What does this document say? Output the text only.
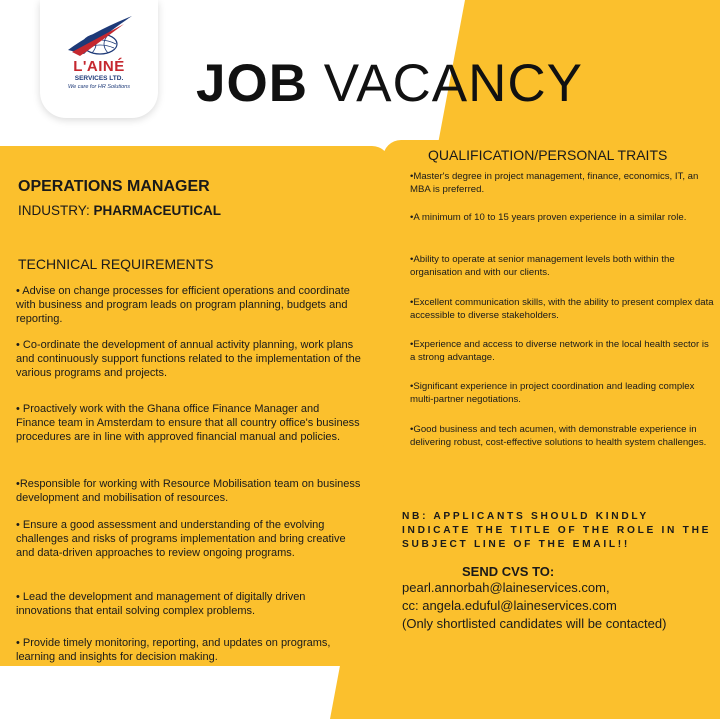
L'AINÉ
SERVICES LTD.
We care for HR Solutions	JOB VACANCY
OPERATIONS MANAGER
INDUSTRY: PHARMACEUTICAL
TECHNICAL REQUIREMENTS
• Advise on change processes for efficient operations and coordinate with business and program leads on program planning, budgets and reporting.
• Co-ordinate the development of annual activity planning, work plans and continuously support functions related to the implementation of the various programs and projects.
• Proactively work with the Ghana office Finance Manager and Finance team in Amsterdam to ensure that all country office's business procedures are in line with approved financial manual and policies.
•Responsible for working with Resource Mobilisation team on business development and mobilisation of resources.
• Ensure a good assessment and understanding of the evolving challenges and risks of programs implementation and bring creative and data-driven approaches to review ongoing programs.
• Lead the development and management of digitally driven innovations that entail solving complex problems.
• Provide timely monitoring, reporting, and updates on programs, learning and insights for decision making.
QUALIFICATION/PERSONAL TRAITS
•Master's degree in project management, finance, economics, IT, an MBA is preferred.
•A minimum of 10 to 15 years proven experience in a similar role.
•Ability to operate at senior management levels both within the organisation and with our clients.
•Excellent communication skills, with the ability to present complex data accessible to diverse stakeholders.
•Experience and access to diverse network in the local health sector is a strong advantage.
•Significant experience in project coordination and leading complex multi-partner negotiations.
•Good business and tech acumen, with demonstrable experience in delivering robust, cost-effective solutions to health system challenges.
NB: APPLICANTS SHOULD KINDLY INDICATE THE TITLE OF THE ROLE IN THE SUBJECT LINE OF THE EMAIL!!
SEND CVS TO:
pearl.annorbah@laineservices.com,
cc: angela.eduful@laineservices.com
(Only shortlisted candidates will be contacted)
